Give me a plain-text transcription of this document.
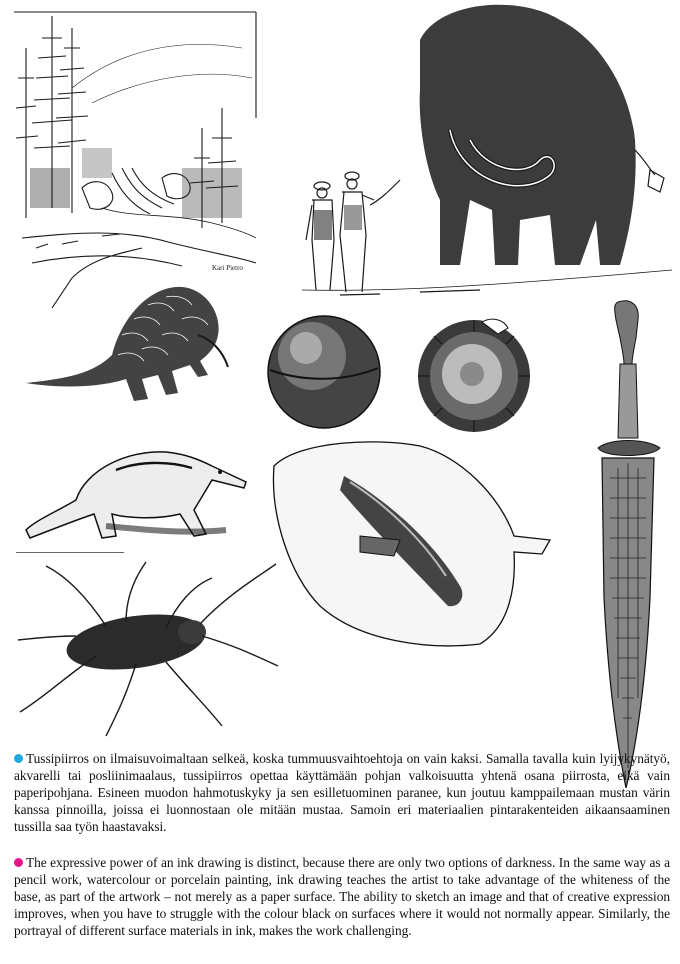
Kari Pietro
Tussipiirros on ilmaisuvoimaltaan selkeä, koska tummuusvaihtoehtoja on vain kaksi. Samalla tavalla kuin lyijykynätyö, akvarelli tai posliinimaalaus, tussipiirros opettaa käyttämään pohjan valkoisuutta yhtenä osana piirrosta, eikä vain paperipohjana. Esineen muodon hahmotuskyky ja sen esilletuominen paranee, kun joutuu kamppailemaan mustan värin kanssa pinnoilla, joissa ei luonnostaan ole mitään mustaa. Samoin eri materiaalien pintarakenteiden aikaansaaminen tussilla saa työn haastavaksi.
The expressive power of an ink drawing is distinct, because there are only two options of darkness. In the same way as a pencil work, watercolour or porcelain painting, ink drawing teaches the artist to take advantage of the whiteness of the base, as part of the artwork – not merely as a paper surface. The ability to sketch an image and that of creative expression improves, when you have to struggle with the colour black on surfaces where it would not normally appear. Similarly, the portrayal of different surface materials in ink, makes the work challenging.
